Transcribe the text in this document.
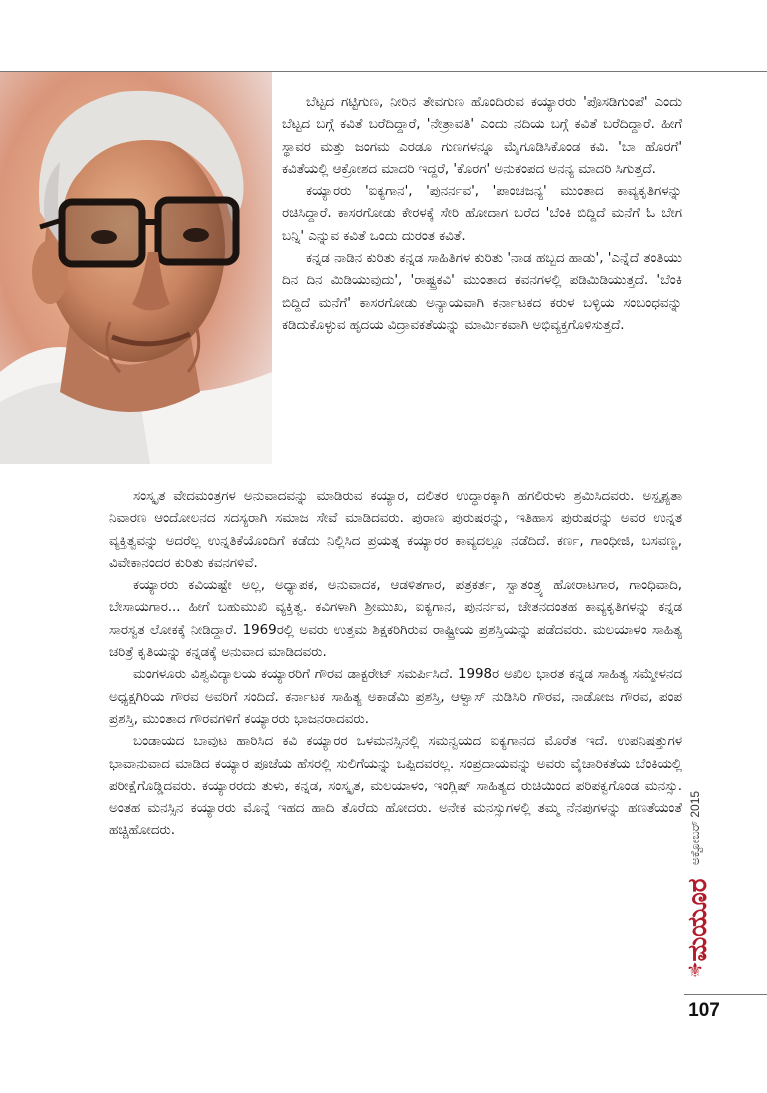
ಬೆಟ್ಟದ ಗಟ್ಟಿಗುಣ, ನೀರಿನ ತೇವಗುಣ ಹೊಂದಿರುವ ಕಯ್ಯಾರರು 'ಪೊಸಡಿಗುಂಪೆ' ಎಂದು ಬೆಟ್ಟದ ಬಗ್ಗೆ ಕವಿತೆ ಬರೆದಿದ್ದಾರೆ, 'ನೇತ್ರಾವತಿ' ಎಂದು ನದಿಯ ಬಗ್ಗೆ ಕವಿತೆ ಬರೆದಿದ್ದಾರೆ. ಹೀಗೆ ಸ್ಥಾವರ ಮತ್ತು ಜಂಗಮ ಎರಡೂ ಗುಣಗಳನ್ನೂ ಮೈಗೂಡಿಸಿಕೊಂಡ ಕವಿ. 'ಬಾ ಹೊರಗೆ' ಕವಿತೆಯಲ್ಲಿ ಆಕ್ರೋಶದ ಮಾದರಿ ಇದ್ದರೆ, 'ಕೊರಗ' ಅನುಕಂಪದ ಅನನ್ಯ ಮಾದರಿ ಸಿಗುತ್ತದೆ.

ಕಯ್ಯಾರರು 'ಐಕ್ಯಗಾನ', 'ಪುನರ್ನವ', 'ಪಾಂಚಜನ್ಯ' ಮುಂತಾದ ಕಾವ್ಯಕೃತಿಗಳನ್ನು ರಚಿಸಿದ್ದಾರೆ. ಕಾಸರಗೋಡು ಕೇರಳಕ್ಕೆ ಸೇರಿ ಹೋದಾಗ ಬರೆದ 'ಬೆಂಕಿ ಬಿದ್ದಿದೆ ಮನೆಗೆ ಓ ಬೇಗ ಬನ್ನಿ' ಎನ್ನುವ ಕವಿತೆ ಒಂದು ದುರಂತ ಕವಿತೆ.

ಕನ್ನಡ ನಾಡಿನ ಕುರಿತು ಕನ್ನಡ ಸಾಹಿತಿಗಳ ಕುರಿತು 'ನಾಡ ಹಬ್ಬದ ಹಾಡು', 'ಎನ್ನೆದೆ ತಂತಿಯು ದಿನ ದಿನ ಮಿಡಿಯುವುದು', 'ರಾಷ್ಟ್ರಕವಿ' ಮುಂತಾದ ಕವನಗಳಲ್ಲಿ ಪಡಿಮಿಡಿಯುತ್ತದೆ. 'ಬೆಂಕಿ ಬಿದ್ದಿದೆ ಮನೆಗೆ' ಕಾಸರಗೋಡು ಅನ್ಯಾಯವಾಗಿ ಕರ್ನಾಟಕದ ಕರುಳ ಬಳ್ಳಿಯ ಸಂಬಂಧವನ್ನು ಕಡಿದುಕೊಳ್ಳುವ ಹೃದಯ ವಿದ್ರಾವಕತೆಯನ್ನು ಮಾರ್ಮಿಕವಾಗಿ ಅಭಿವ್ಯಕ್ತಗೊಳಿಸುತ್ತದೆ.

ಸಂಸ್ಕೃತ ವೇದಮಂತ್ರಗಳ ಅನುವಾದವನ್ನು ಮಾಡಿರುವ ಕಯ್ಯಾರ, ದಲಿತರ ಉದ್ಧಾರಕ್ಕಾಗಿ ಹಗಲಿರುಳು ಶ್ರಮಿಸಿದವರು. ಅಸ್ಪೃಶ್ಯತಾ ನಿವಾರಣ ಆಂದೋಲನದ ಸದಸ್ಯರಾಗಿ ಸಮಾಜ ಸೇವೆ ಮಾಡಿದವರು. ಪುರಾಣ ಪುರುಷರನ್ನು, ಇತಿಹಾಸ ಪುರುಷರನ್ನು ಅವರ ಉನ್ನತ ವ್ಯಕ್ತಿತ್ವವನ್ನು ಅದರೆಲ್ಲ ಉನ್ನತಿಕೆಯೊಂದಿಗೆ ಕಡೆದು ನಿಲ್ಲಿಸಿದ ಪ್ರಯತ್ನ ಕಯ್ಯಾರರ ಕಾವ್ಯದಲ್ಲೂ ನಡೆದಿದೆ. ಕರ್ಣ, ಗಾಂಧೀಜಿ, ಬಸವಣ್ಣ, ವಿವೇಕಾನಂದರ ಕುರಿತು ಕವನಗಳಿವೆ.

ಕಯ್ಯಾರರು ಕವಿಯಷ್ಟೇ ಅಲ್ಲ, ಅಧ್ಯಾಪಕ, ಅನುವಾದಕ, ಆಡಳಿತಗಾರ, ಪತ್ರಕರ್ತ, ಸ್ವಾತಂತ್ರ್ಯ ಹೋರಾಟಗಾರ, ಗಾಂಧಿವಾದಿ, ಬೇಸಾಯಗಾರ... ಹೀಗೆ ಬಹುಮುಖಿ ವ್ಯಕ್ತಿತ್ವ. ಕವಿಗಳಾಗಿ ಶ್ರೀಮುಖ, ಐಕ್ಯಗಾನ, ಪುನರ್ನವ, ಚೇತನದಂತಹ ಕಾವ್ಯಕೃತಿಗಳನ್ನು ಕನ್ನಡ ಸಾರಸ್ವತ ಲೋಕಕ್ಕೆ ನೀಡಿದ್ದಾರೆ. 1969ರಲ್ಲಿ ಅವರು ಉತ್ತಮ ಶಿಕ್ಷಕರಿಗಿರುವ ರಾಷ್ಟ್ರೀಯ ಪ್ರಶಸ್ತಿಯನ್ನು ಪಡೆದವರು. ಮಲಯಾಳಂ ಸಾಹಿತ್ಯ ಚರಿತ್ರೆ ಕೃತಿಯನ್ನು ಕನ್ನಡಕ್ಕೆ ಅನುವಾದ ಮಾಡಿದವರು.

ಮಂಗಳೂರು ವಿಶ್ವವಿದ್ಯಾಲಯ ಕಯ್ಯಾರರಿಗೆ ಗೌರವ ಡಾಕ್ಟರೇಟ್ ಸಮರ್ಪಿಸಿದೆ. 1998ರ ಅಖಿಲ ಭಾರತ ಕನ್ನಡ ಸಾಹಿತ್ಯ ಸಮ್ಮೇಳನದ ಅಧ್ಯಕ್ಷಗಿರಿಯ ಗೌರವ ಅವರಿಗೆ ಸಂದಿದೆ. ಕರ್ನಾಟಕ ಸಾಹಿತ್ಯ ಅಕಾಡೆಮಿ ಪ್ರಶಸ್ತಿ, ಆಳ್ವಾಸ್ ನುಡಿಸಿರಿ ಗೌರವ, ನಾಡೋಜ ಗೌರವ, ಪಂಪ ಪ್ರಶಸ್ತಿ, ಮುಂತಾದ ಗೌರವಗಳಿಗೆ ಕಯ್ಯಾರರು ಭಾಜನರಾದವರು.

ಬಂಡಾಯದ ಬಾವುಟ ಹಾರಿಸಿದ ಕವಿ ಕಯ್ಯಾರರ ಒಳಮನಸ್ಸಿನಲ್ಲಿ ಸಮನ್ವಯದ ಐಕ್ಯಗಾನದ ಮೊರೆತ ಇದೆ. ಉಪನಿಷತ್ತುಗಳ ಭಾವಾನುವಾದ ಮಾಡಿದ ಕಯ್ಯಾರ ಪೂಜೆಯ ಹೆಸರಲ್ಲಿ ಸುಲಿಗೆಯನ್ನು ಒಪ್ಪಿದವರಲ್ಲ. ಸಂಪ್ರದಾಯವನ್ನು ಅವರು ವೈಚಾರಿಕತೆಯ ಬೆಂಕಿಯಲ್ಲಿ ಪರೀಕ್ಷೆಗೊಡ್ಡಿದವರು. ಕಯ್ಯಾರರದು ತುಳು, ಕನ್ನಡ, ಸಂಸ್ಕೃತ, ಮಲಯಾಳಂ, ಇಂಗ್ಲಿಷ್ ಸಾಹಿತ್ಯದ ರುಚಿಯಿಂದ ಪರಿಪಕ್ವಗೊಂಡ ಮನಸ್ಸು. ಅಂತಹ ಮನಸ್ಸಿನ ಕಯ್ಯಾರರು ಮೊನ್ನೆ ಇಹದ ಹಾದಿ ತೊರೆದು ಹೋದರು. ಅನೇಕ ಮನಸ್ಸುಗಳಲ್ಲಿ ತಮ್ಮ ನೆನಪುಗಳನ್ನು ಹಣತೆಯಂತೆ ಹಚ್ಚಿಹೋದರು.	ಅಕ್ಟೋಬರ್ 2015
ಮಯೂರ
⚜
107
